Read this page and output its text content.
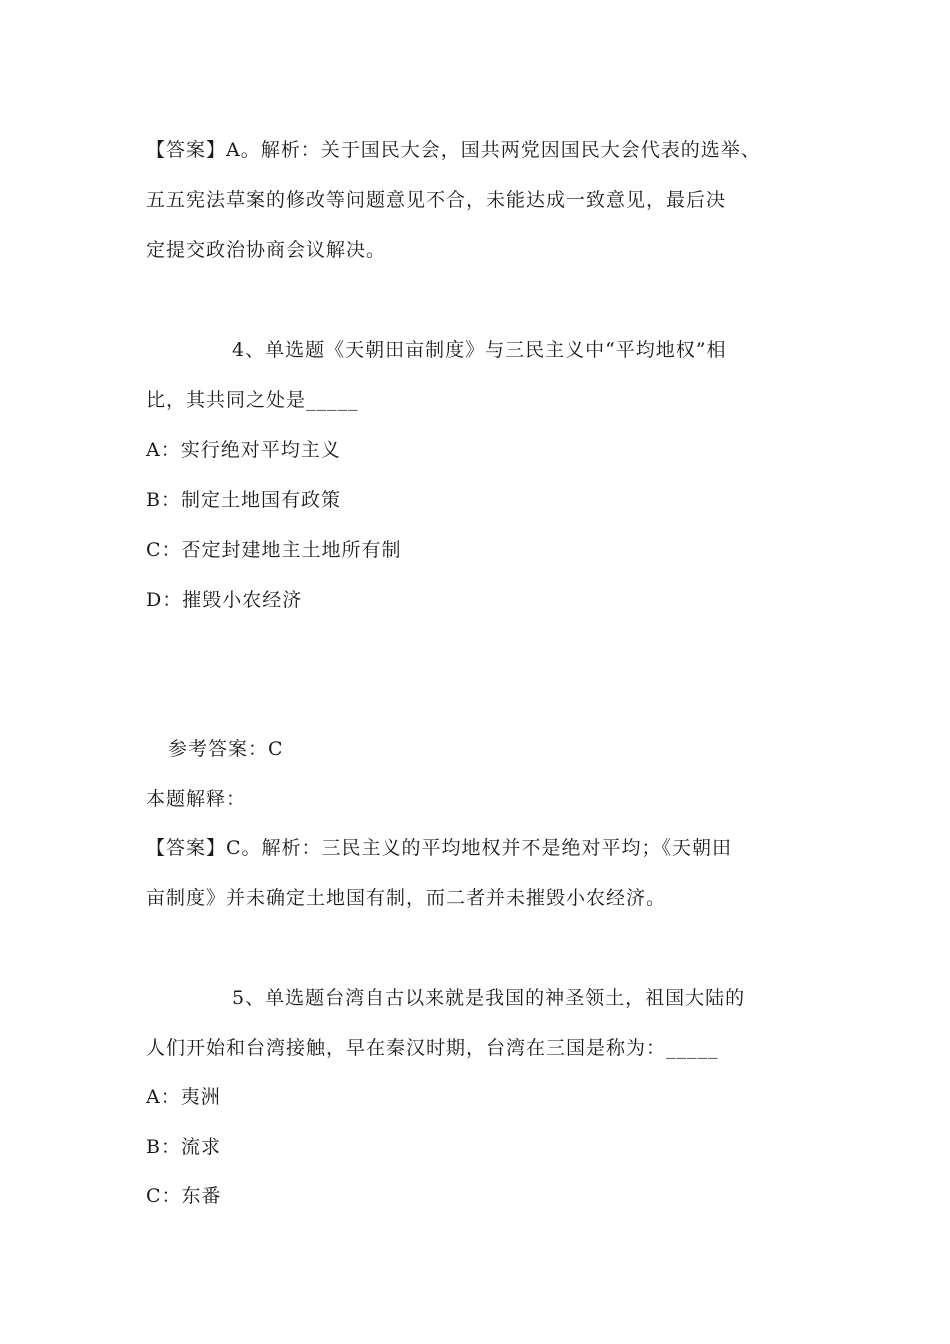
【答案】A。解析：关于国民大会，国共两党因国民大会代表的选举、
五五宪法草案的修改等问题意见不合，未能达成一致意见，最后决
定提交政治协商会议解决。
4、单选题《天朝田亩制度》与三民主义中“平均地权”相
比，其共同之处是_____
A：实行绝对平均主义
B：制定土地国有政策
C：否定封建地主土地所有制
D：摧毁小农经济
参考答案：C
本题解释：
【答案】C。解析：三民主义的平均地权并不是绝对平均；《天朝田
亩制度》并未确定土地国有制，而二者并未摧毁小农经济。
5、单选题台湾自古以来就是我国的神圣领土，祖国大陆的
人们开始和台湾接触，早在秦汉时期，台湾在三国是称为：_____
A：夷洲
B：流求
C：东番
